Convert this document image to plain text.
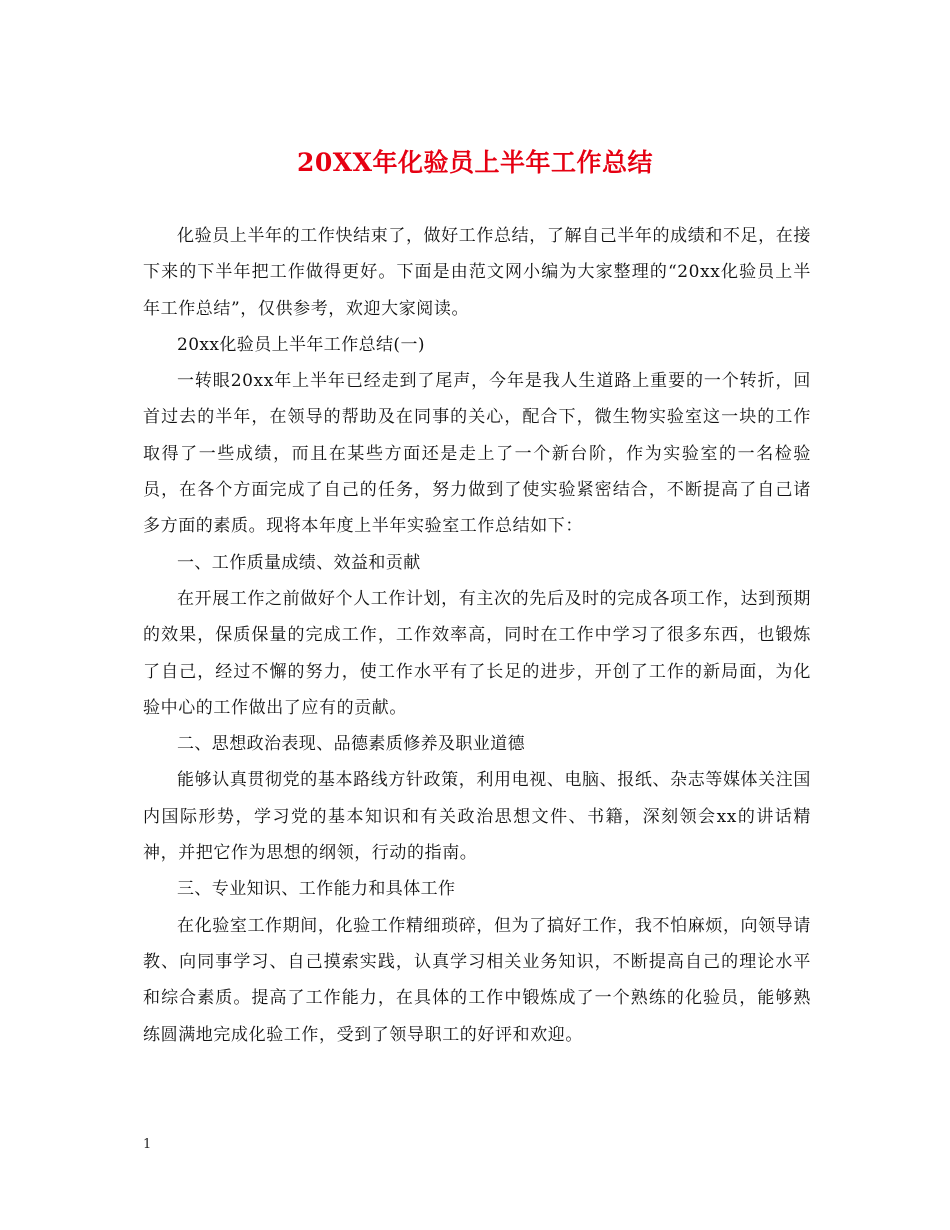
20XX年化验员上半年工作总结

化验员上半年的工作快结束了，做好工作总结，了解自己半年的成绩和不足，在接下来的下半年把工作做得更好。下面是由范文网小编为大家整理的“20xx化验员上半年工作总结”，仅供参考，欢迎大家阅读。

20xx化验员上半年工作总结(一)

一转眼20xx年上半年已经走到了尾声，今年是我人生道路上重要的一个转折，回首过去的半年，在领导的帮助及在同事的关心，配合下，微生物实验室这一块的工作取得了一些成绩，而且在某些方面还是走上了一个新台阶，作为实验室的一名检验员，在各个方面完成了自己的任务，努力做到了使实验紧密结合，不断提高了自己诸多方面的素质。现将本年度上半年实验室工作总结如下：

一、工作质量成绩、效益和贡献

在开展工作之前做好个人工作计划，有主次的先后及时的完成各项工作，达到预期的效果，保质保量的完成工作，工作效率高，同时在工作中学习了很多东西，也锻炼了自己，经过不懈的努力，使工作水平有了长足的进步，开创了工作的新局面，为化验中心的工作做出了应有的贡献。

二、思想政治表现、品德素质修养及职业道德

能够认真贯彻党的基本路线方针政策，利用电视、电脑、报纸、杂志等媒体关注国内国际形势，学习党的基本知识和有关政治思想文件、书籍，深刻领会xx的讲话精神，并把它作为思想的纲领，行动的指南。

三、专业知识、工作能力和具体工作

在化验室工作期间，化验工作精细琐碎，但为了搞好工作，我不怕麻烦，向领导请教、向同事学习、自己摸索实践，认真学习相关业务知识，不断提高自己的理论水平和综合素质。提高了工作能力，在具体的工作中锻炼成了一个熟练的化验员，能够熟练圆满地完成化验工作，受到了领导职工的好评和欢迎。

1
